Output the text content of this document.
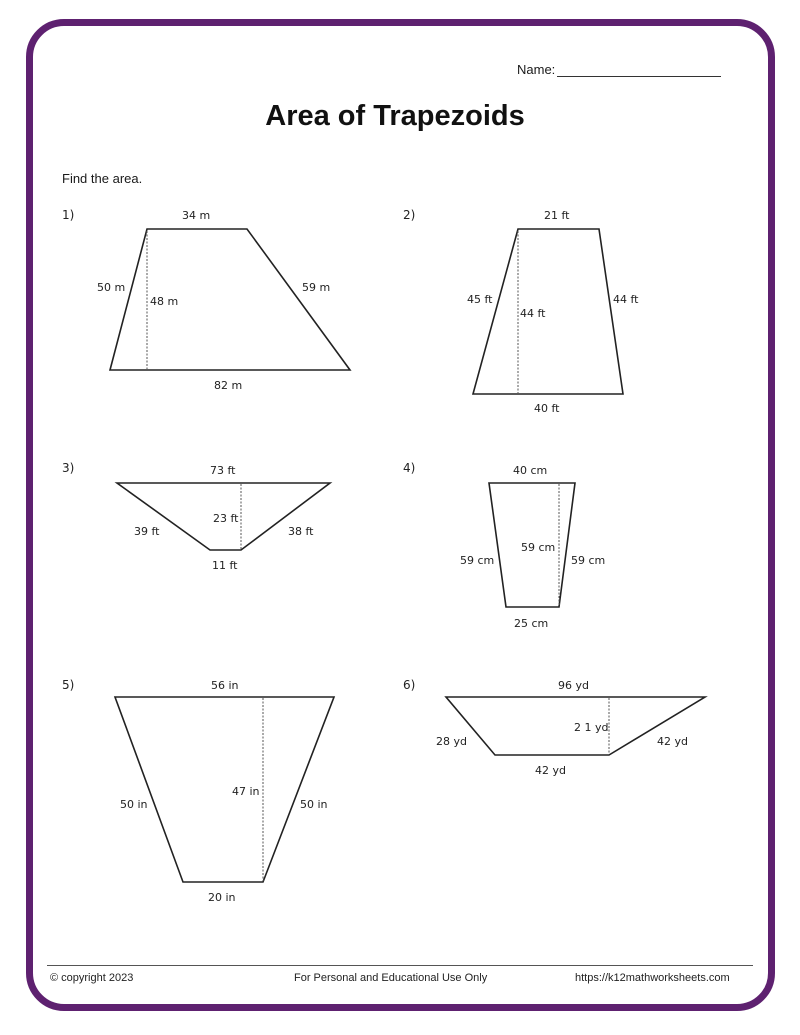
Name:
Area of Trapezoids
Find the area.
1)	34 m
82 m
50 m	59 m
48 m
2)	21 ft
40 ft
45 ft	44 ft
44 ft
3)	73 ft
11 ft
39 ft	38 ft
23 ft
4)	40 cm
25 cm
59 cm	59 cm
59 cm
5)	56 in
20 in
50 in	50 in
47 in
6)	96 yd
42 yd
28 yd	42 yd
2 1 yd
© copyright 2023	For Personal and Educational Use Only	https://k12mathworksheets.com
